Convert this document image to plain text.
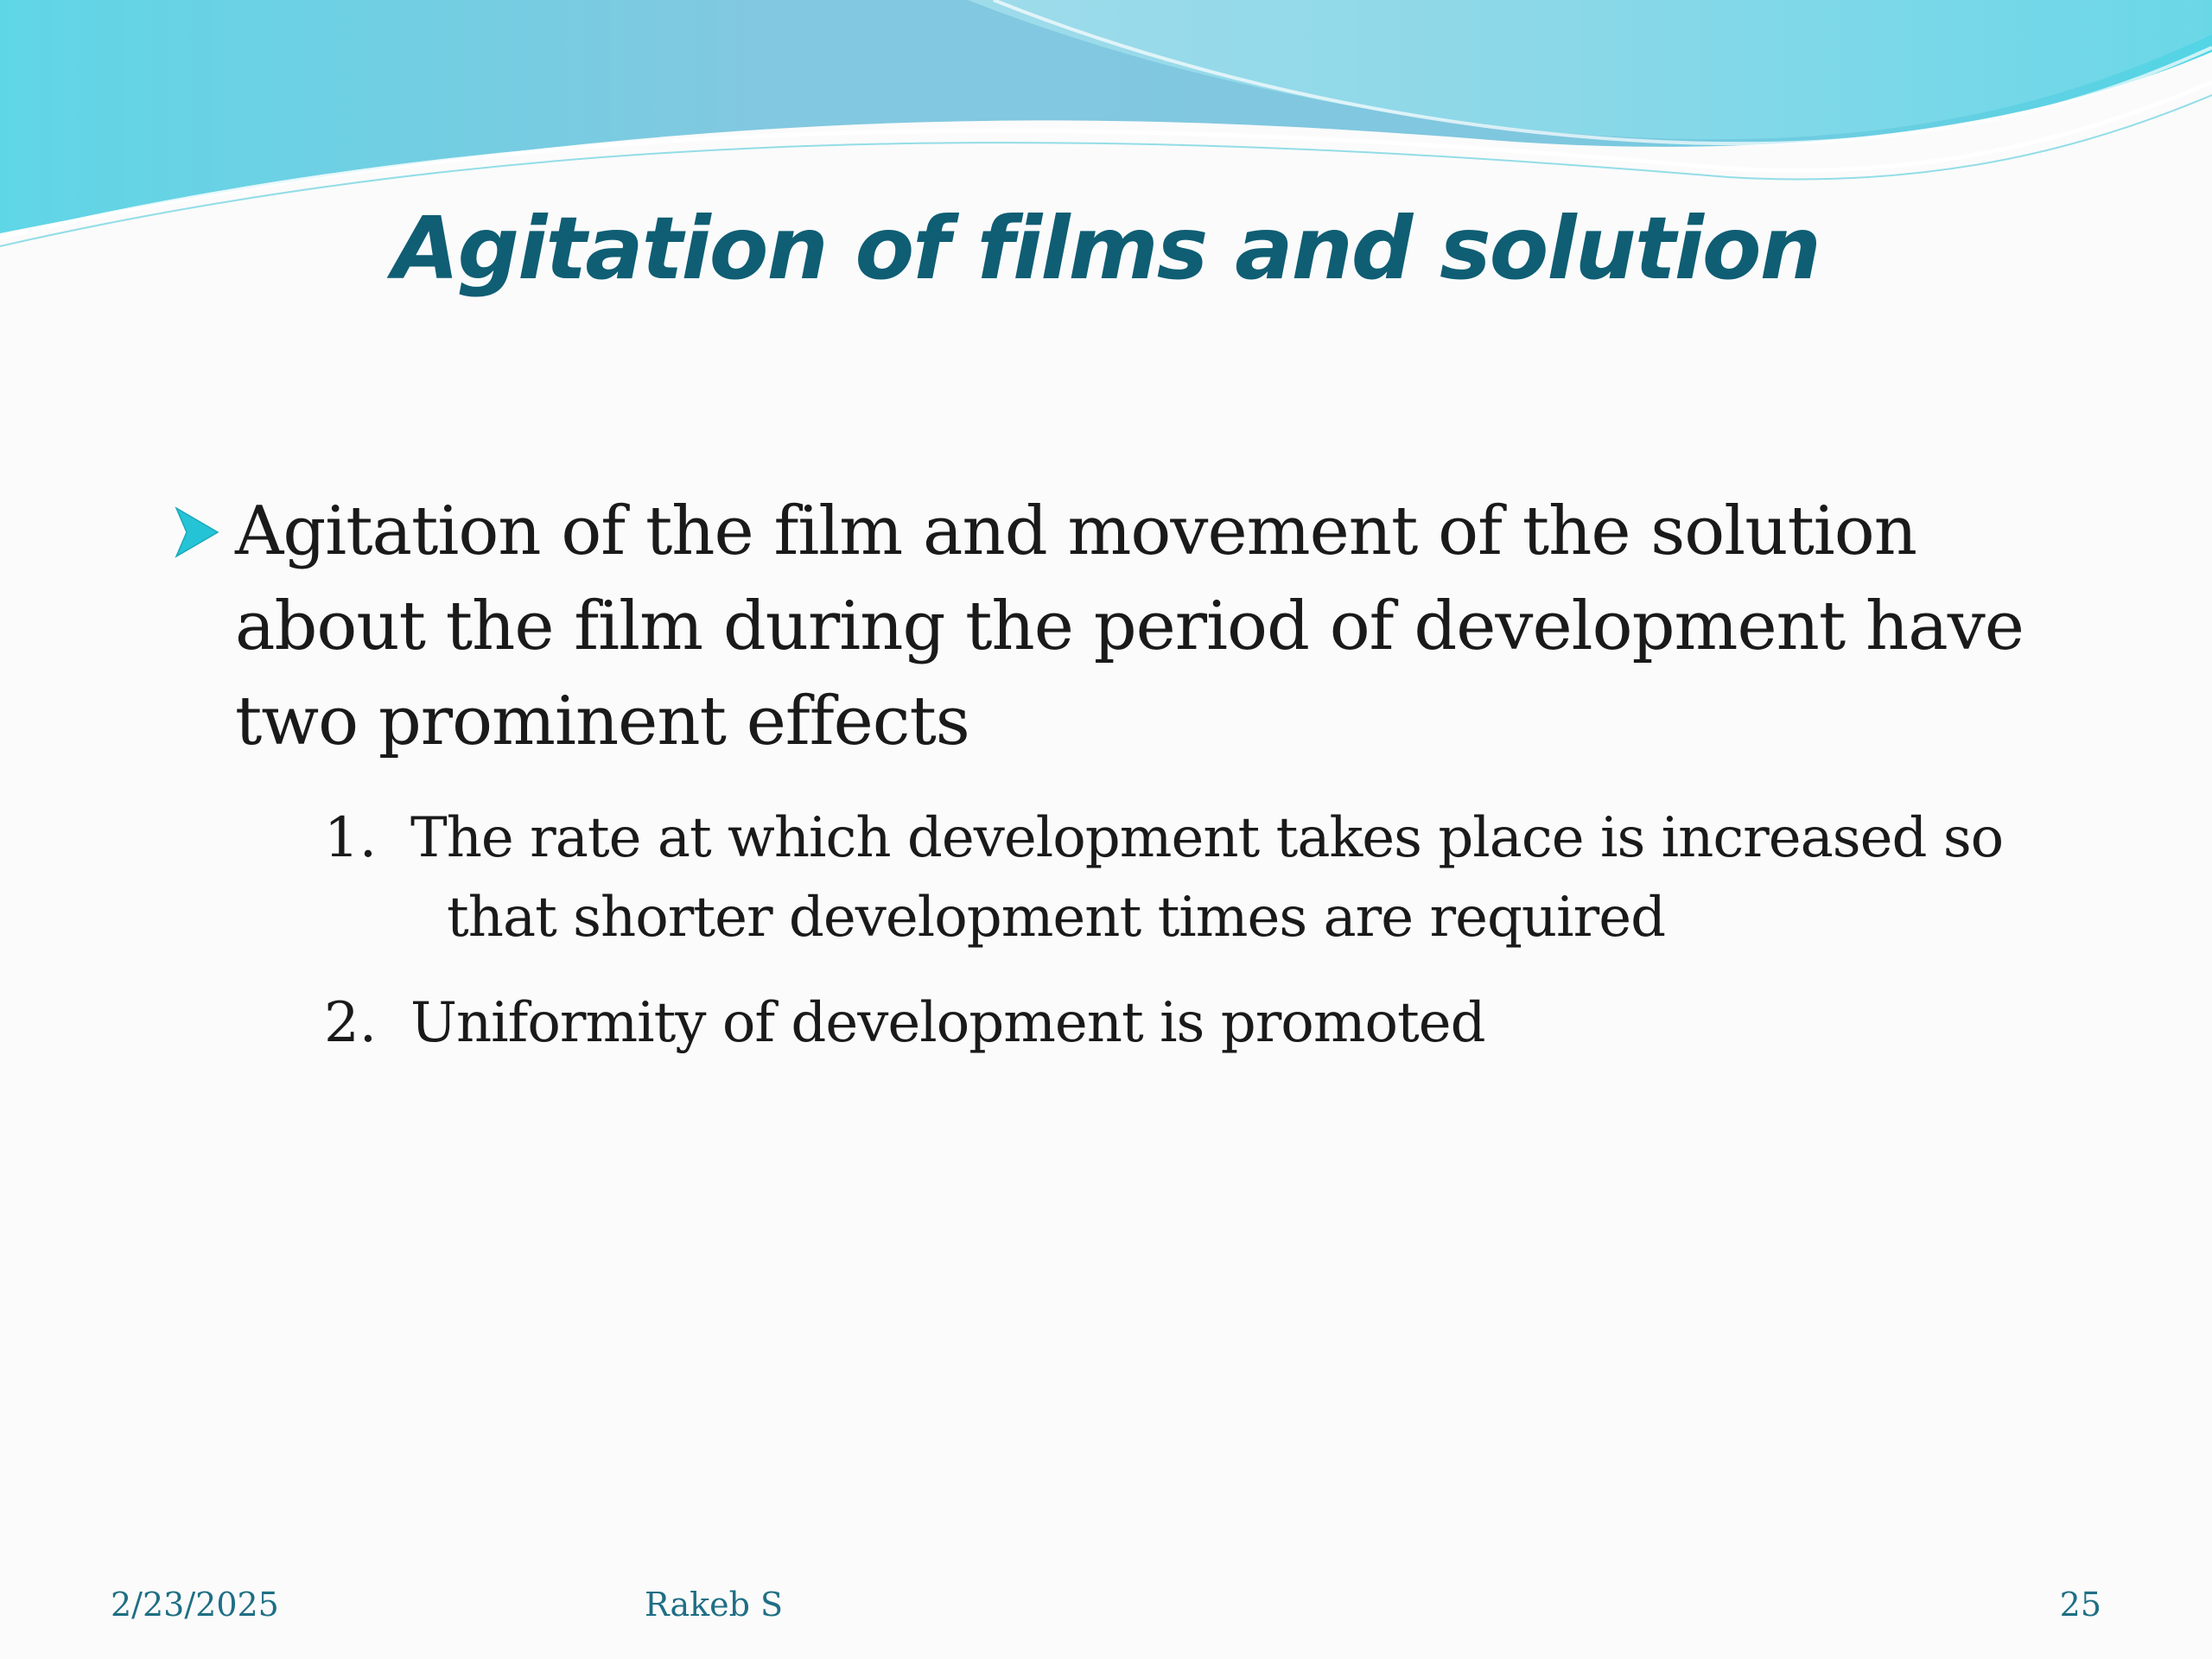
Agitation of films and solution
Agitation of the film and movement of the solution
about the film during the period of development have
two prominent effects
1. The rate at which development takes place is increased so
that shorter development times are required
2. Uniformity of development is promoted
2/23/2025	Rakeb S	25
